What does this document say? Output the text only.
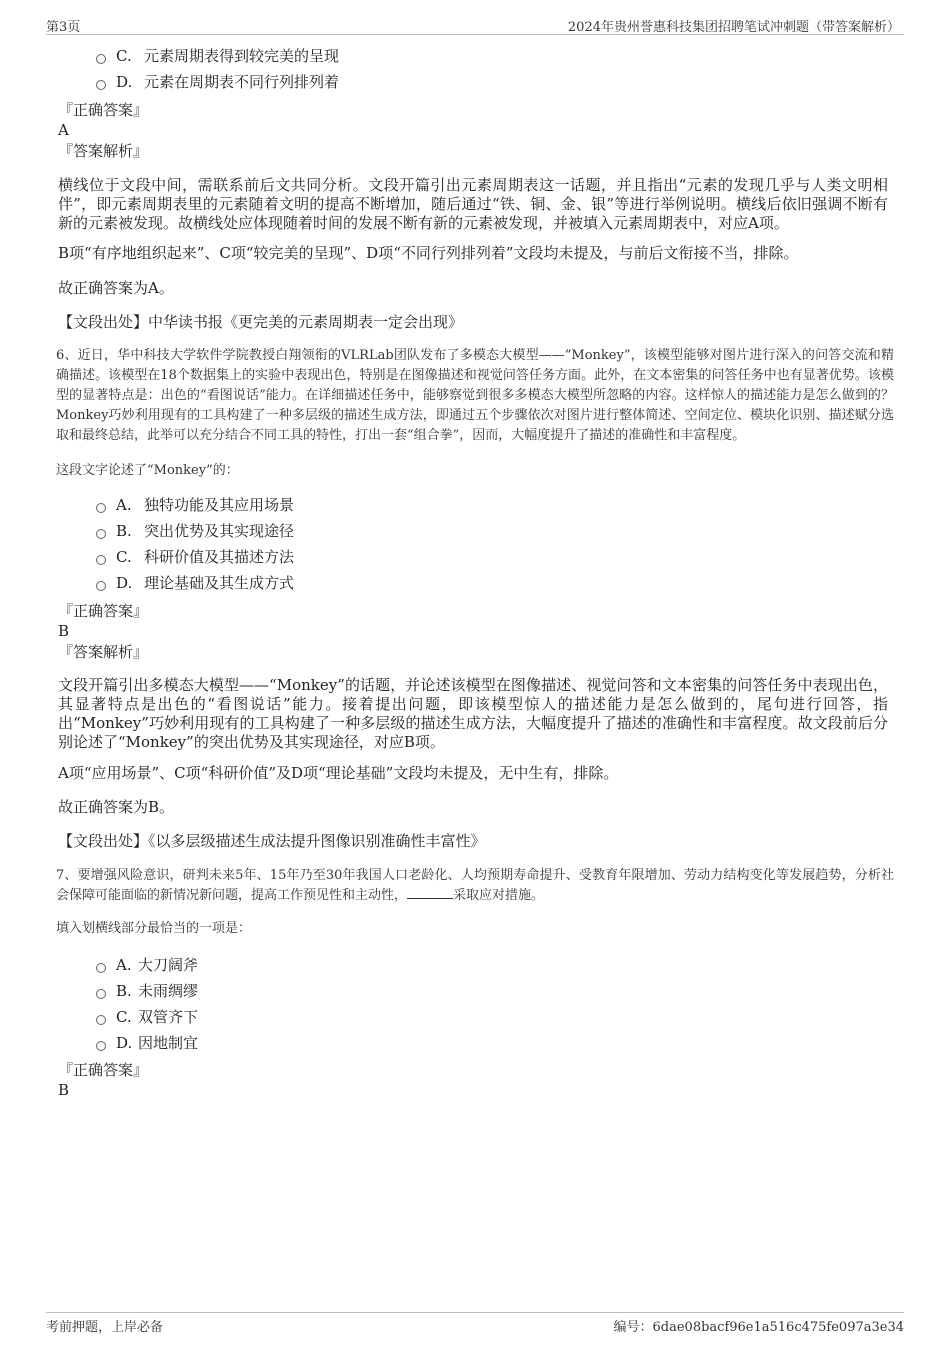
第3页	2024年贵州誉惠科技集团招聘笔试冲刺题（带答案解析）
C. 元素周期表得到较完美的呈现
D. 元素在周期表不同行列排列着
『正确答案』
A
『答案解析』
横线位于文段中间，需联系前后文共同分析。文段开篇引出元素周期表这一话题，并且指出“元素的发现几乎与人类文明相伴”，即元素周期表里的元素随着文明的提高不断增加，随后通过“铁、铜、金、银”等进行举例说明。横线后依旧强调不断有新的元素被发现。故横线处应体现随着时间的发展不断有新的元素被发现，并被填入元素周期表中，对应A项。
B项“有序地组织起来”、C项“较完美的呈现”、D项“不同行列排列着”文段均未提及，与前后文衔接不当，排除。
故正确答案为A。
【文段出处】中华读书报《更完美的元素周期表一定会出现》
6、近日，华中科技大学软件学院教授白翔领衔的VLRLab团队发布了多模态大模型——“Monkey”，该模型能够对图片进行深入的问答交流和精确描述。该模型在18个数据集上的实验中表现出色，特别是在图像描述和视觉问答任务方面。此外，在文本密集的问答任务中也有显著优势。该模型的显著特点是：出色的“看图说话”能力。在详细描述任务中，能够察觉到很多多模态大模型所忽略的内容。这样惊人的描述能力是怎么做到的？Monkey巧妙利用现有的工具构建了一种多层级的描述生成方法，即通过五个步骤依次对图片进行整体简述、空间定位、模块化识别、描述赋分选取和最终总结，此举可以充分结合不同工具的特性，打出一套“组合拳”，因而，大幅度提升了描述的准确性和丰富程度。
这段文字论述了“Monkey”的：
A. 独特功能及其应用场景
B. 突出优势及其实现途径
C. 科研价值及其描述方法
D. 理论基础及其生成方式
『正确答案』
B
『答案解析』
文段开篇引出多模态大模型——“Monkey”的话题，并论述该模型在图像描述、视觉问答和文本密集的问答任务中表现出色，其显著特点是出色的“看图说话”能力。接着提出问题，即该模型惊人的描述能力是怎么做到的，尾句进行回答，指出“Monkey”巧妙利用现有的工具构建了一种多层级的描述生成方法，大幅度提升了描述的准确性和丰富程度。故文段前后分别论述了“Monkey”的突出优势及其实现途径，对应B项。
A项“应用场景”、C项“科研价值”及D项“理论基础”文段均未提及，无中生有，排除。
故正确答案为B。
【文段出处】《以多层级描述生成法提升图像识别准确性丰富性》
7、要增强风险意识，研判未来5年、15年乃至30年我国人口老龄化、人均预期寿命提升、受教育年限增加、劳动力结构变化等发展趋势，分析社会保障可能面临的新情况新问题，提高工作预见性和主动性，	采取应对措施。
填入划横线部分最恰当的一项是：
A. 大刀阔斧
B. 未雨绸缪
C. 双管齐下
D. 因地制宜
『正确答案』
B
考前押题，上岸必备	编号：6dae08bacf96e1a516c475fe097a3e34
